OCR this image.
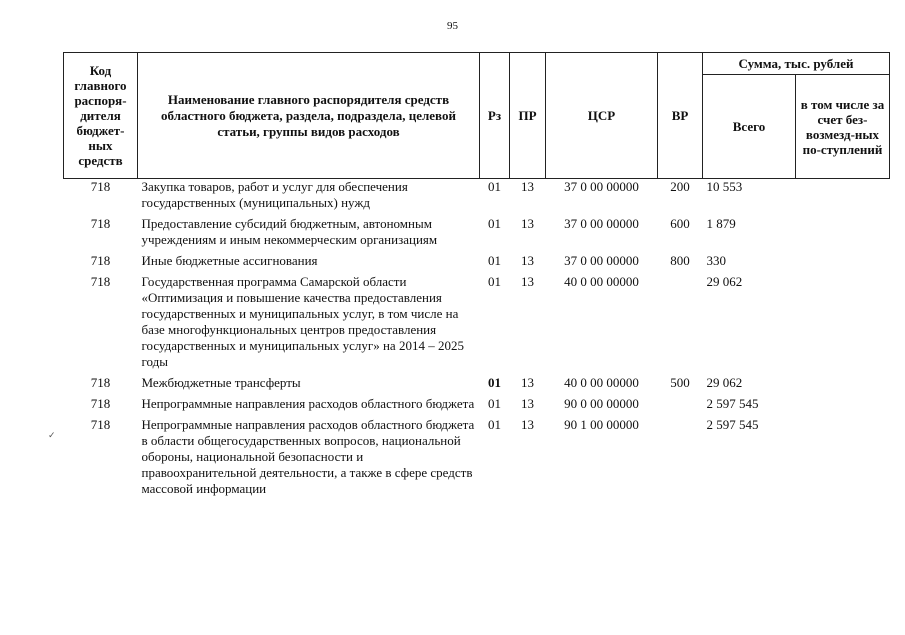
95
Код главного распоря-дителя бюджет-ных средств	Наименование главного распорядителя средств областного бюджета, раздела, подраздела, целевой статьи, группы видов расходов	Рз	ПР	ЦСР	ВР	Сумма, тыс. рублей	
						Всего	в том числе за счет без-возмезд-ных по-ступлений
718	Закупка товаров, работ и услуг для обеспечения государственных (муниципальных) нужд	01	13	37 0 00 00000	200	10 553	
718	Предоставление субсидий бюджетным, автономным учреждениям и иным некоммерческим организациям	01	13	37 0 00 00000	600	1 879	
718	Иные бюджетные ассигнования	01	13	37 0 00 00000	800	330	
718	Государственная программа Самарской области «Оптимизация и повышение качества предоставления государственных и муниципальных услуг, в том числе на базе многофункциональных центров предоставления государственных и муниципальных услуг» на 2014 – 2025 годы	01	13	40 0 00 00000		29 062	
718	Межбюджетные трансферты	01	13	40 0 00 00000	500	29 062	
718	Непрограммные направления расходов областного бюджета	01	13	90 0 00 00000		2 597 545	
718	Непрограммные направления расходов областного бюджета в области общегосударственных вопросов, национальной обороны, национальной безопасности и правоохранительной деятельности, а также в сфере средств массовой информации	01	13	90 1 00 00000		2 597 545	
✓
